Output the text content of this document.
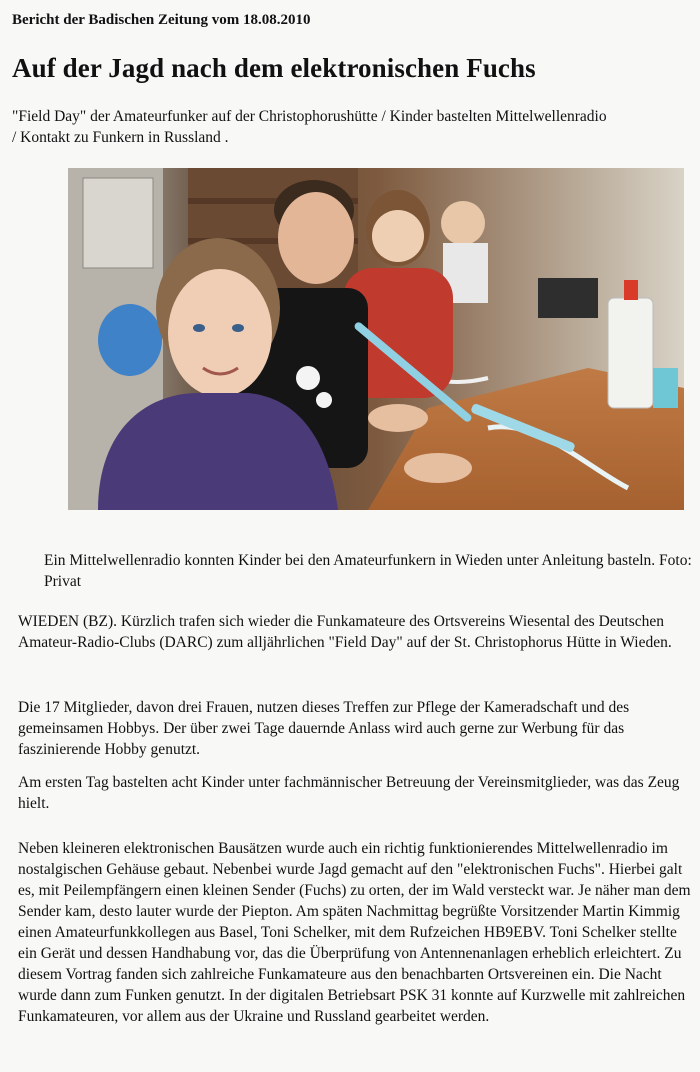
Bericht der Badischen Zeitung vom 18.08.2010

Auf der Jagd nach dem elektronischen Fuchs

"Field Day" der Amateurfunker auf der Christophorushütte / Kinder bastelten Mittelwellenradio / Kontakt zu Funkern in Russland .

Ein Mittelwellenradio konnten Kinder bei den Amateurfunkern in Wieden unter Anleitung basteln. Foto: Privat

WIEDEN (BZ). Kürzlich trafen sich wieder die Funkamateure des Ortsvereins Wiesental des Deutschen Amateur-Radio-Clubs (DARC) zum alljährlichen "Field Day" auf der St. Christophorus Hütte in Wieden.

Die 17 Mitglieder, davon drei Frauen, nutzen dieses Treffen zur Pflege der Kameradschaft und des gemeinsamen Hobbys. Der über zwei Tage dauernde Anlass wird auch gerne zur Werbung für das faszinierende Hobby genutzt.

Am ersten Tag bastelten acht Kinder unter fachmännischer Betreuung der Vereinsmitglieder, was das Zeug hielt.

Neben kleineren elektronischen Bausätzen wurde auch ein richtig funktionierendes Mittelwellenradio im nostalgischen Gehäuse gebaut. Nebenbei wurde Jagd gemacht auf den "elektronischen Fuchs". Hierbei galt es, mit Peilempfängern einen kleinen Sender (Fuchs) zu orten, der im Wald versteckt war. Je näher man dem Sender kam, desto lauter wurde der Piepton. Am späten Nachmittag begrüßte Vorsitzender Martin Kimmig einen Amateurfunkkollegen aus Basel, Toni Schelker, mit dem Rufzeichen HB9EBV. Toni Schelker stellte ein Gerät und dessen Handhabung vor, das die Überprüfung von Antennenanlagen erheblich erleichtert. Zu diesem Vortrag fanden sich zahlreiche Funkamateure aus den benachbarten Ortsvereinen ein. Die Nacht wurde dann zum Funken genutzt. In der digitalen Betriebsart PSK 31 konnte auf Kurzwelle mit zahlreichen Funkamateuren, vor allem aus der Ukraine und Russland gearbeitet werden.
